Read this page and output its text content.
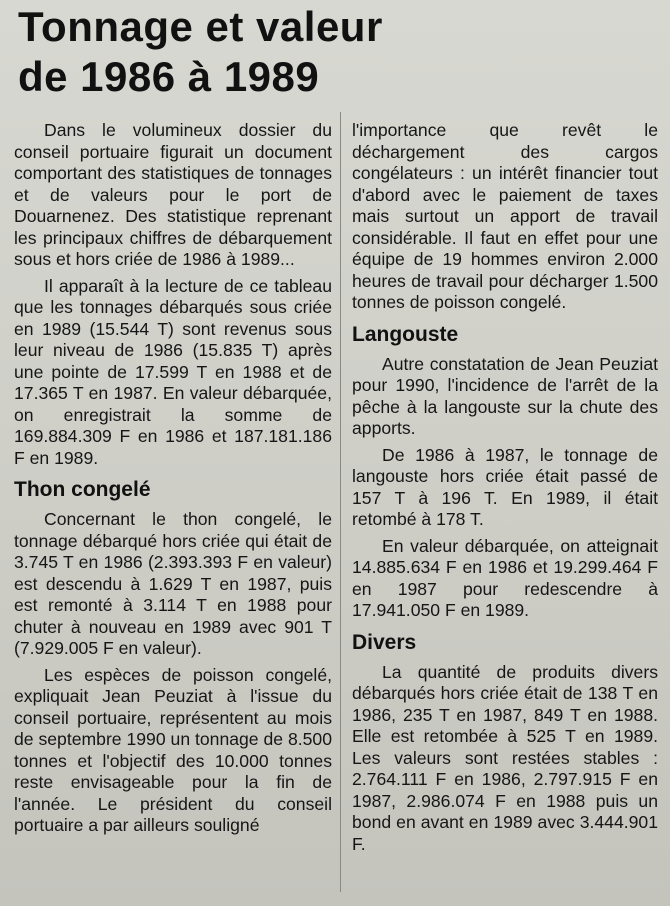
Tonnage et valeur
de 1986 à 1989

Dans le volumineux dossier du conseil portuaire figurait un document comportant des statistiques de tonnages et de valeurs pour le port de Douarnenez. Des statistique reprenant les principaux chiffres de débarquement sous et hors criée de 1986 à 1989...

Il apparaît à la lecture de ce tableau que les tonnages débarqués sous criée en 1989 (15.544 T) sont revenus sous leur niveau de 1986 (15.835 T) après une pointe de 17.599 T en 1988 et de 17.365 T en 1987. En valeur débarquée, on enregistrait la somme de 169.884.309 F en 1986 et 187.181.186 F en 1989.

Thon congelé

Concernant le thon congelé, le tonnage débarqué hors criée qui était de 3.745 T en 1986 (2.393.393 F en valeur) est descendu à 1.629 T en 1987, puis est remonté à 3.114 T en 1988 pour chuter à nouveau en 1989 avec 901 T (7.929.005 F en valeur).

Les espèces de poisson congelé, expliquait Jean Peuziat à l'issue du conseil portuaire, représentent au mois de septembre 1990 un tonnage de 8.500 tonnes et l'objectif des 10.000 tonnes reste envisageable pour la fin de l'année. Le président du conseil portuaire a par ailleurs souligné

l'importance que revêt le déchargement des cargos congélateurs : un intérêt financier tout d'abord avec le paiement de taxes mais surtout un apport de travail considérable. Il faut en effet pour une équipe de 19 hommes environ 2.000 heures de travail pour décharger 1.500 tonnes de poisson congelé.

Langouste

Autre constatation de Jean Peuziat pour 1990, l'incidence de l'arrêt de la pêche à la langouste sur la chute des apports.

De 1986 à 1987, le tonnage de langouste hors criée était passé de 157 T à 196 T. En 1989, il était retombé à 178 T.

En valeur débarquée, on atteignait 14.885.634 F en 1986 et 19.299.464 F en 1987 pour redescendre à 17.941.050 F en 1989.

Divers

La quantité de produits divers débarqués hors criée était de 138 T en 1986, 235 T en 1987, 849 T en 1988. Elle est retombée à 525 T en 1989. Les valeurs sont restées stables : 2.764.111 F en 1986, 2.797.915 F en 1987, 2.986.074 F en 1988 puis un bond en avant en 1989 avec 3.444.901 F.
